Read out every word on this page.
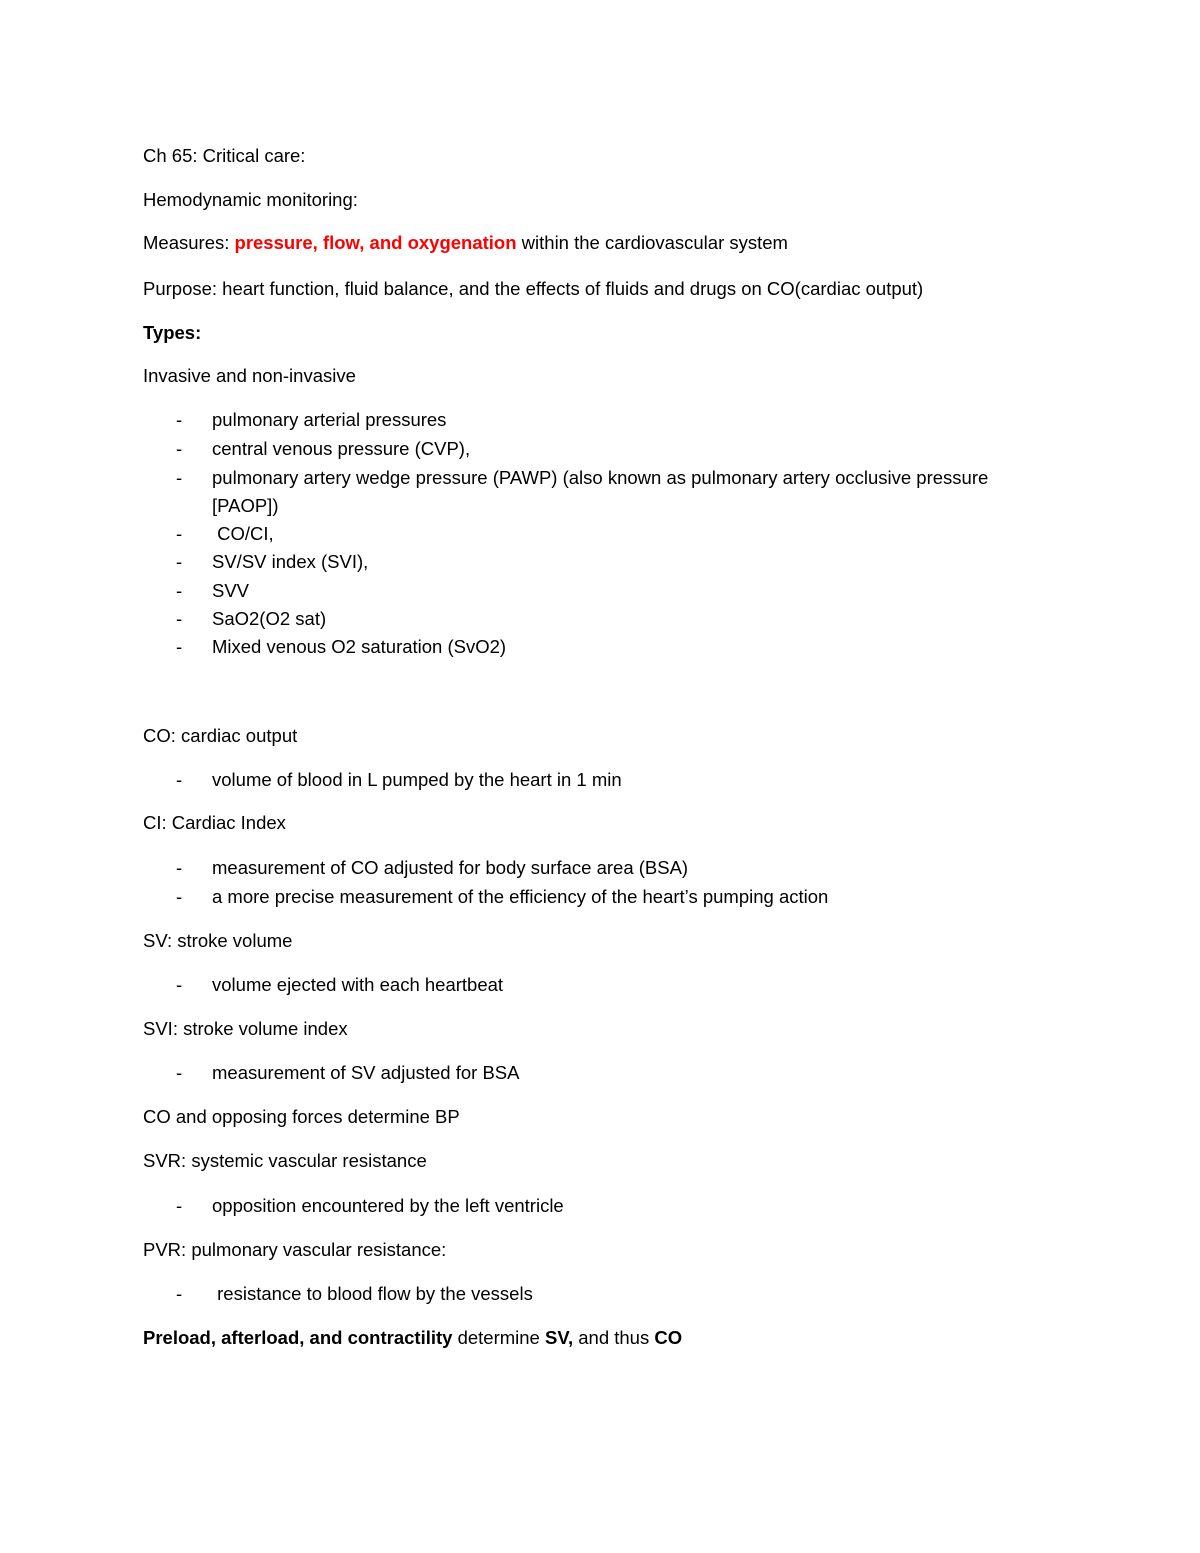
Ch 65: Critical care:
Hemodynamic monitoring:
Measures: pressure, flow, and oxygenation within the cardiovascular system
Purpose: heart function, fluid balance, and the effects of fluids and drugs on CO(cardiac output)
Types:
Invasive and non-invasive
- pulmonary arterial pressures
- central venous pressure (CVP),
- pulmonary artery wedge pressure (PAWP) (also known as pulmonary artery occlusive pressure
[PAOP])
- CO/CI,
- SV/SV index (SVI),
- SVV
- SaO2(O2 sat)
- Mixed venous O2 saturation (SvO2)
CO: cardiac output
- volume of blood in L pumped by the heart in 1 min
CI: Cardiac Index
- measurement of CO adjusted for body surface area (BSA)
- a more precise measurement of the efficiency of the heart’s pumping action
SV: stroke volume
- volume ejected with each heartbeat
SVI: stroke volume index
- measurement of SV adjusted for BSA
CO and opposing forces determine BP
SVR: systemic vascular resistance
- opposition encountered by the left ventricle
PVR: pulmonary vascular resistance:
- resistance to blood flow by the vessels
Preload, afterload, and contractility determine SV, and thus CO
